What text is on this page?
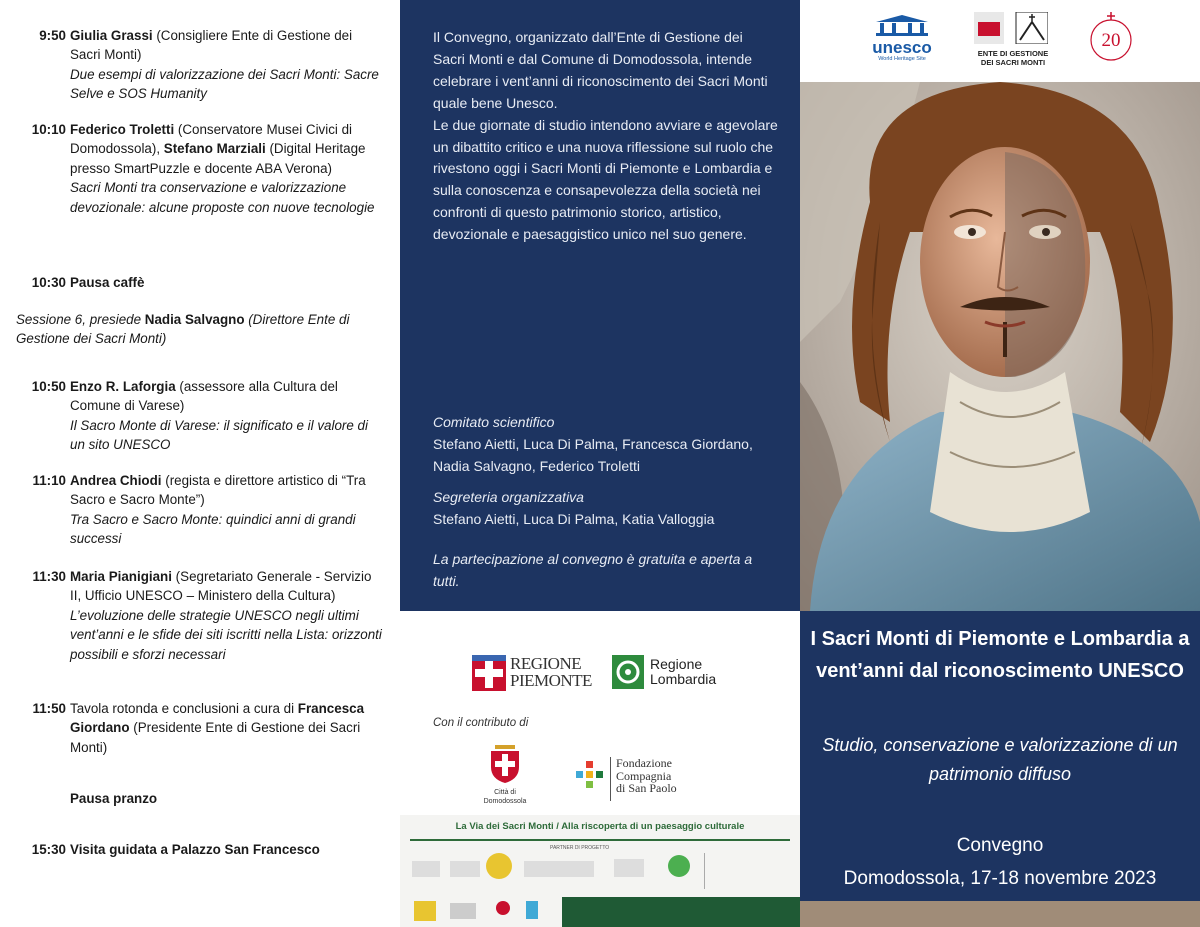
9:50 Giulia Grassi (Consigliere Ente di Gestione dei Sacri Monti)
Due esempi di valorizzazione dei Sacri Monti: Sacre Selve e SOS Humanity
10:10 Federico Troletti (Conservatore Musei Civici di Domodossola), Stefano Marziali (Digital Heritage presso SmartPuzzle e docente ABA Verona)
Sacri Monti tra conservazione e valorizzazione devozionale: alcune proposte con nuove tecnologie
10:30 Pausa caffè
Sessione 6, presiede Nadia Salvagno (Direttore Ente di Gestione dei Sacri Monti)
10:50 Enzo R. Laforgia (assessore alla Cultura del Comune di Varese)
Il Sacro Monte di Varese: il significato e il valore di un sito UNESCO
11:10 Andrea Chiodi (regista e direttore artistico di “Tra Sacro e Sacro Monte”)
Tra Sacro e Sacro Monte: quindici anni di grandi successi
11:30 Maria Pianigiani (Segretariato Generale - Servizio II, Ufficio UNESCO – Ministero della Cultura)
L’evoluzione delle strategie UNESCO negli ultimi vent’anni e le sfide dei siti iscritti nella Lista: orizzonti possibili e sforzi necessari
11:50 Tavola rotonda e conclusioni a cura di Francesca Giordano (Presidente Ente di Gestione dei Sacri Monti)
Pausa pranzo
15:30 Visita guidata a Palazzo San Francesco
Il Convegno, organizzato dall’Ente di Gestione dei Sacri Monti e dal Comune di Domodossola, intende celebrare i vent’anni di riconoscimento dei Sacri Monti quale bene Unesco.
Le due giornate di studio intendono avviare e agevolare un dibattito critico e una nuova riflessione sul ruolo che rivestono oggi i Sacri Monti di Piemonte e Lombardia e sulla conoscenza e consapevolezza della società nei confronti di questo patrimonio storico, artistico, devozionale e paesaggistico unico nel suo genere.
Comitato scientifico
Stefano Aietti, Luca Di Palma, Francesca Giordano, Nadia Salvagno, Federico Troletti
Segreteria organizzativa
Stefano Aietti, Luca Di Palma, Katia Valloggia
La partecipazione al convegno è gratuita e aperta a tutti.
REGIONE
PIEMONTE
Regione
Lombardia
Con il contributo di
Città di
Domodossola
Fondazione
Compagnia
di San Paolo
La Via dei Sacri Monti / Alla riscoperta di un paesaggio culturale
PARTNER DI PROGETTO
unesco
World Heritage Site
ENTE DI GESTIONE
DEI SACRI MONTI
20
I Sacri Monti di Piemonte e Lombardia a vent’anni dal riconoscimento UNESCO
Studio, conservazione e valorizzazione di un patrimonio diffuso
Convegno
Domodossola, 17-18 novembre 2023
